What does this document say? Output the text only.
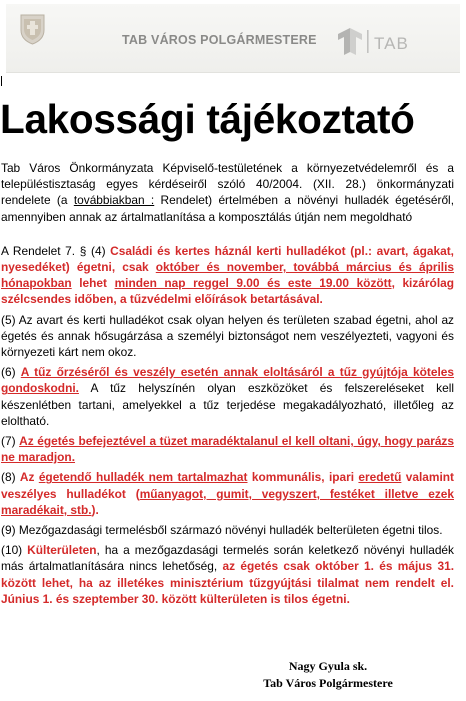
TAB VÁROS POLGÁRMESTERE	TAB
Lakossági tájékoztató

Tab Város Önkormányzata Képviselő-testületének a környezetvédelemről és a településtisztaság egyes kérdéseiről szóló 40/2004. (XII. 28.) önkormányzati rendelete (a továbbiakban : Rendelet) értelmében a növényi hulladék égetéséről, amennyiben annak az ártalmatlanítása a komposztálás útján nem megoldható

A Rendelet 7. § (4) Családi és kertes háznál kerti hulladékot (pl.: avart, ágakat, nyesedéket) égetni, csak október és november, továbbá március és április hónapokban lehet minden nap reggel 9.00 és este 19.00 között, kizárólag szélcsendes időben, a tűzvédelmi előírások betartásával.

(5) Az avart és kerti hulladékot csak olyan helyen és területen szabad égetni, ahol az égetés és annak hősugárzása a személyi biztonságot nem veszélyezteti, vagyoni és környezeti kárt nem okoz.

(6) A tűz őrzéséről és veszély esetén annak eloltásáról a tűz gyújtója köteles gondoskodni. A tűz helyszínén olyan eszközöket és felszereléseket kell készenlétben tartani, amelyekkel a tűz terjedése megakadályozható, illetőleg az eloltható.

(7) Az égetés befejeztével a tüzet maradéktalanul el kell oltani, úgy, hogy parázs ne maradjon.

(8) Az égetendő hulladék nem tartalmazhat kommunális, ipari eredetű valamint veszélyes hulladékot (műanyagot, gumit, vegyszert, festéket illetve ezek maradékait, stb.).

(9) Mezőgazdasági termelésből származó növényi hulladék belterületen égetni tilos.

(10) Külterületen, ha a mezőgazdasági termelés során keletkező növényi hulladék más ártalmatlanítására nincs lehetőség, az égetés csak október 1. és május 31. között lehet, ha az illetékes minisztérium tűzgyújtási tilalmat nem rendelt el. Június 1. és szeptember 30. között külterületen is tilos égetni.

Nagy Gyula sk.
Tab Város Polgármestere
